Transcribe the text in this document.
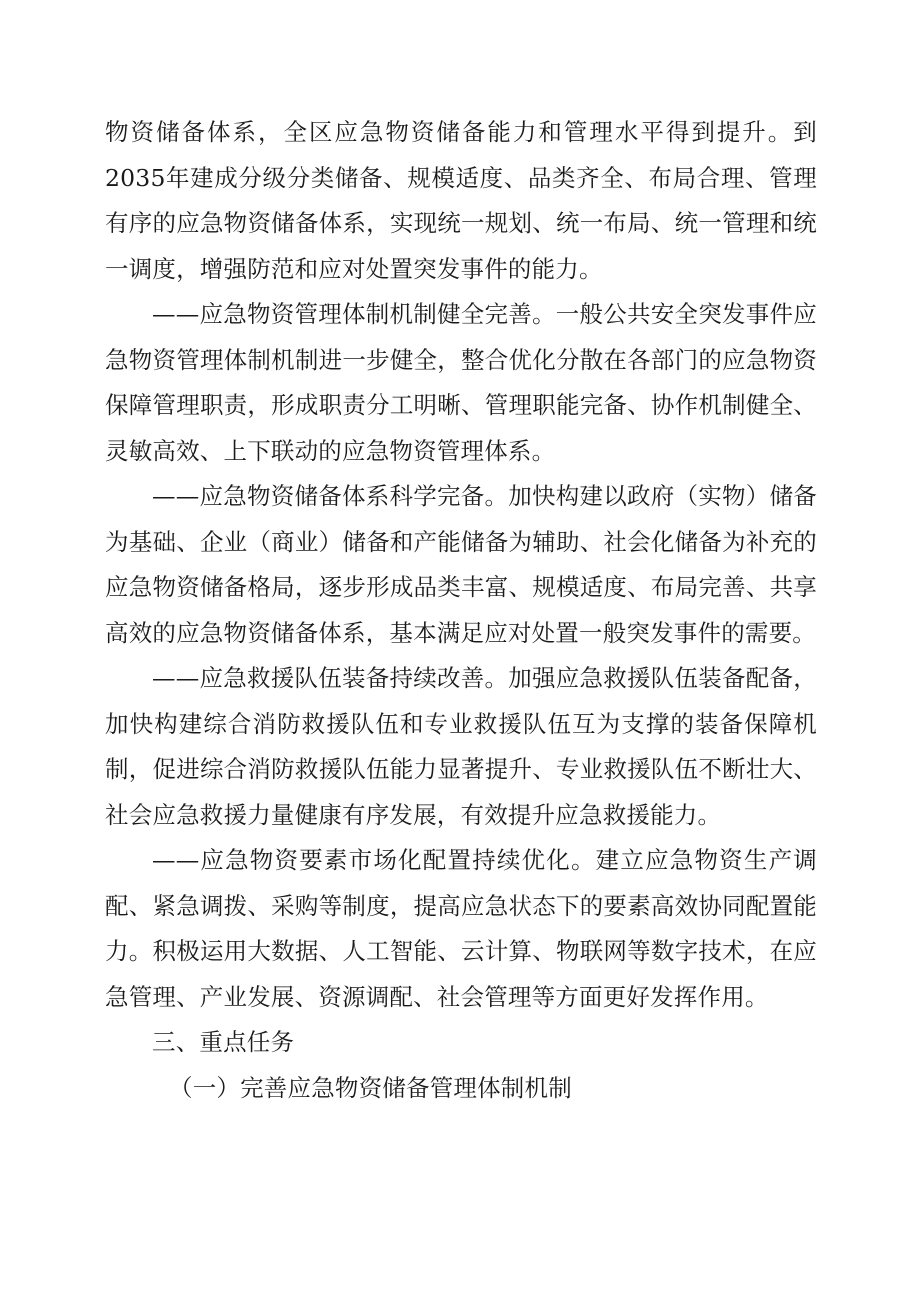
物资储备体系，全区应急物资储备能力和管理水平得到提升。到2035年建成分级分类储备、规模适度、品类齐全、布局合理、管理有序的应急物资储备体系，实现统一规划、统一布局、统一管理和统一调度，增强防范和应对处置突发事件的能力。

——应急物资管理体制机制健全完善。一般公共安全突发事件应急物资管理体制机制进一步健全，整合优化分散在各部门的应急物资保障管理职责，形成职责分工明晰、管理职能完备、协作机制健全、灵敏高效、上下联动的应急物资管理体系。

——应急物资储备体系科学完备。加快构建以政府（实物）储备为基础、企业（商业）储备和产能储备为辅助、社会化储备为补充的应急物资储备格局，逐步形成品类丰富、规模适度、布局完善、共享高效的应急物资储备体系，基本满足应对处置一般突发事件的需要。

——应急救援队伍装备持续改善。加强应急救援队伍装备配备，加快构建综合消防救援队伍和专业救援队伍互为支撑的装备保障机制，促进综合消防救援队伍能力显著提升、专业救援队伍不断壮大、社会应急救援力量健康有序发展，有效提升应急救援能力。

——应急物资要素市场化配置持续优化。建立应急物资生产调配、紧急调拨、采购等制度，提高应急状态下的要素高效协同配置能力。积极运用大数据、人工智能、云计算、物联网等数字技术，在应急管理、产业发展、资源调配、社会管理等方面更好发挥作用。

三、重点任务

（一）完善应急物资储备管理体制机制
